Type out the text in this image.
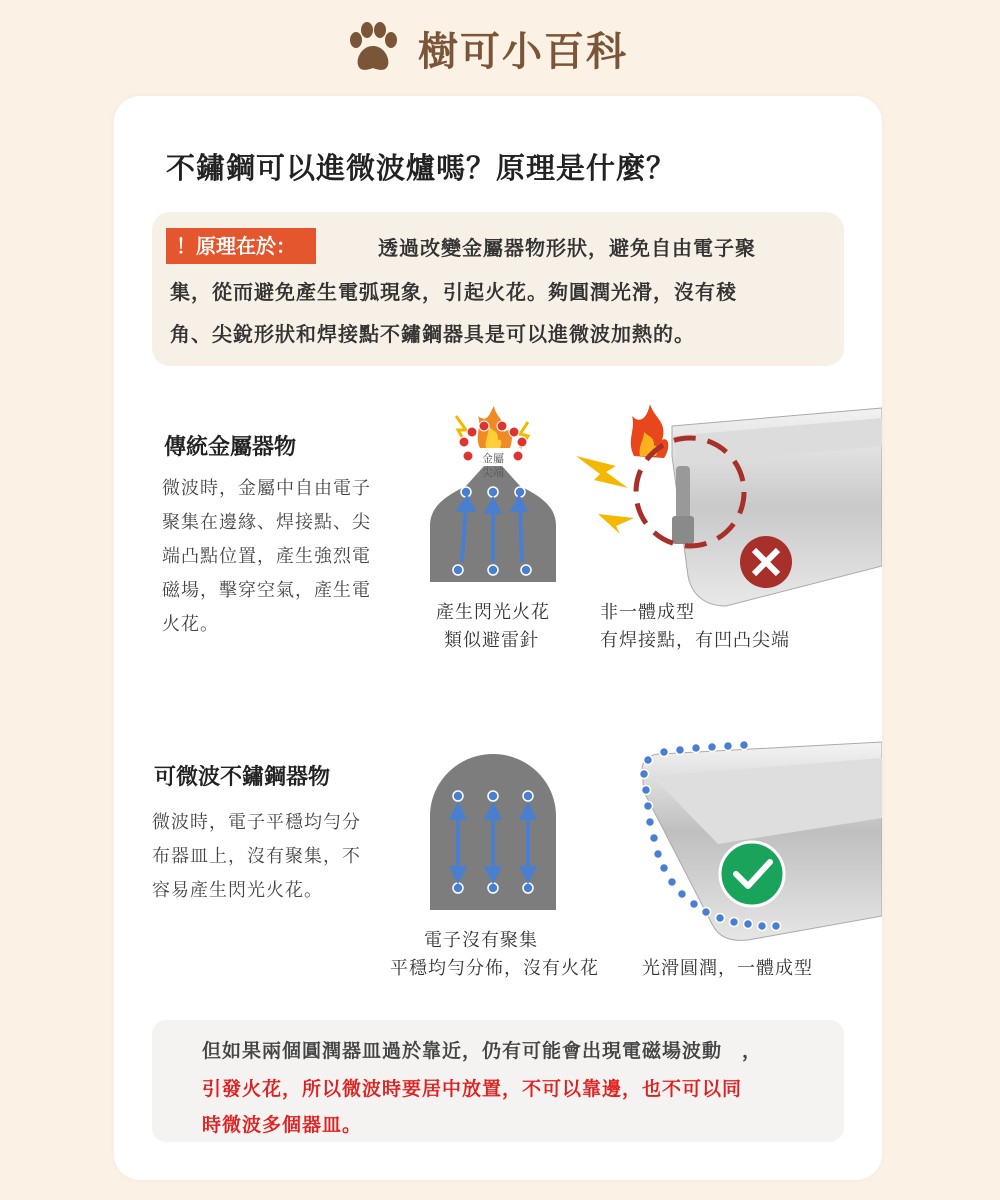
樹可小百科
不鏽鋼可以進微波爐嗎？原理是什麼？
！原理在於：	透過改變金屬器物形狀，避免自由電子聚
集，從而避免產生電弧現象，引起火花。夠圓潤光滑，沒有稜
角、尖銳形狀和焊接點不鏽鋼器具是可以進微波加熱的。
傳統金屬器物
微波時，金屬中自由電子
聚集在邊緣、焊接點、尖
端凸點位置，產生強烈電
磁場，擊穿空氣，產生電
火花。
金屬
尖端
產生閃光火花
類似避雷針
非一體成型
有焊接點，有凹凸尖端
可微波不鏽鋼器物
微波時，電子平穩均勻分
布器皿上，沒有聚集，不
容易產生閃光火花。
電子沒有聚集
平穩均勻分佈，沒有火花 光滑圓潤，一體成型
但如果兩個圓潤器皿過於靠近，仍有可能會出現電磁場波動　，
引發火花，所以微波時要居中放置，不可以靠邊，也不可以同
時微波多個器皿。
